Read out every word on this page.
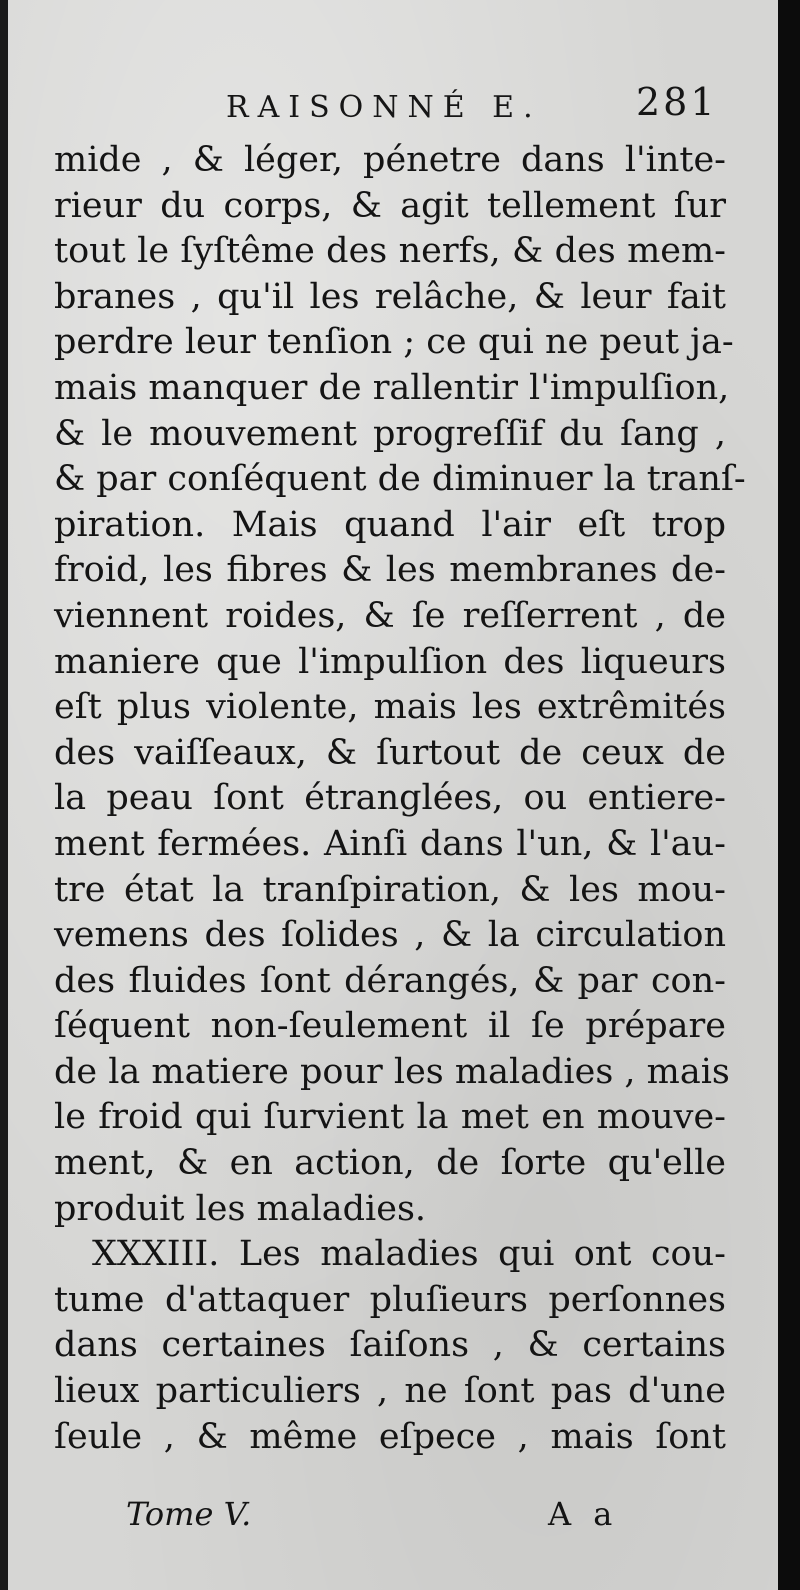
RAISONNÉ E. 281
mide , & léger, pénetre dans l'inte-
rieur du corps, & agit tellement ſur
tout le ſyſtême des nerfs, & des mem-
branes , qu'il les relâche, & leur fait
perdre leur tenſion ; ce qui ne peut ja-
mais manquer de rallentir l'impulſion,
& le mouvement progreſſif du ſang ,
& par conſéquent de diminuer la tranſ-
piration. Mais quand l'air eſt trop
froid, les fibres & les membranes de-
viennent roides, & ſe reſſerrent , de
maniere que l'impulſion des liqueurs
eſt plus violente, mais les extrêmités
des vaiſſeaux, & ſurtout de ceux de
la peau ſont étranglées, ou entiere-
ment fermées. Ainſi dans l'un, & l'au-
tre état la tranſpiration, & les mou-
vemens des ſolides , & la circulation
des fluides ſont dérangés, & par con-
ſéquent non-ſeulement il ſe prépare
de la matiere pour les maladies , mais
le froid qui ſurvient la met en mouve-
ment, & en action, de ſorte qu'elle
produit les maladies.
XXXIII. Les maladies qui ont cou-
tume d'attaquer pluſieurs perſonnes
dans certaines ſaiſons , & certains
lieux particuliers , ne ſont pas d'une
ſeule , & même eſpece , mais ſont
Tome V.	A a
